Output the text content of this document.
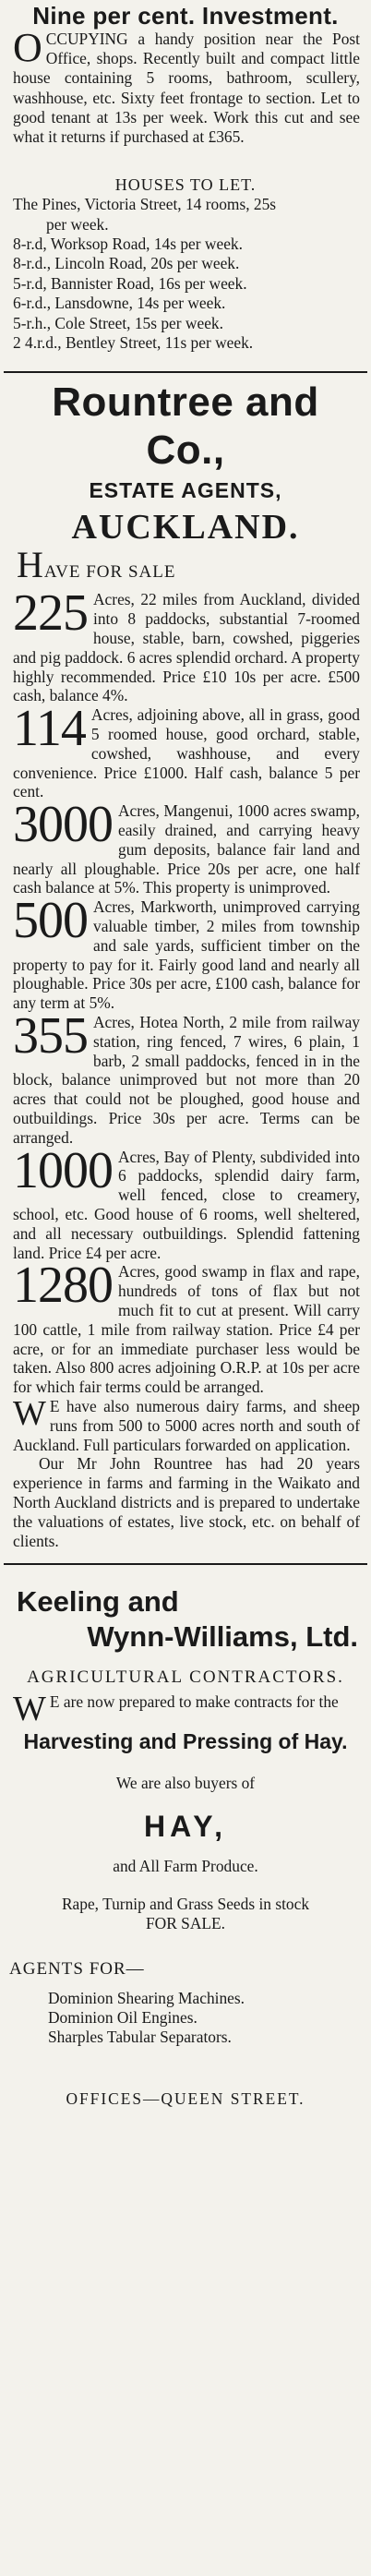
Nine per cent. Investment.
OCCUPYING a handy position near the Post Office, shops. Recently built and compact little house containing 5 rooms, bathroom, scullery, washhouse, etc. Sixty feet frontage to section. Let to good tenant at 13s per week. Work this cut and see what it returns if purchased at £365.
HOUSES TO LET.
The Pines, Victoria Street, 14 rooms, 25s
per week.
8-r.d, Worksop Road, 14s per week.
8-r.d., Lincoln Road, 20s per week.
5-r.d, Bannister Road, 16s per week.
6-r.d., Lansdowne, 14s per week.
5-r.h., Cole Street, 15s per week.
2 4.r.d., Bentley Street, 11s per week.
Rountree and
Co.,
ESTATE AGENTS,
AUCKLAND.
HAVE FOR SALE
225 Acres, 22 miles from Auckland, divided into 8 paddocks, substantial 7-roomed house, stable, barn, cowshed, piggeries and pig paddock. 6 acres splendid orchard. A property highly recommended. Price £10 10s per acre. £500 cash, balance 4%.
114 Acres, adjoining above, all in grass, good 5 roomed house, good orchard, stable, cowshed, washhouse, and every convenience. Price £1000. Half cash, balance 5 per cent.
3000 Acres, Mangenui, 1000 acres swamp, easily drained, and carrying heavy gum deposits, balance fair land and nearly all ploughable. Price 20s per acre, one half cash balance at 5%. This property is unimproved.
500 Acres, Markworth, unimproved carrying valuable timber, 2 miles from township and sale yards, sufficient timber on the property to pay for it. Fairly good land and nearly all ploughable. Price 30s per acre, £100 cash, balance for any term at 5%.
355 Acres, Hotea North, 2 mile from railway station, ring fenced, 7 wires, 6 plain, 1 barb, 2 small paddocks, fenced in in the block, balance unimproved but not more than 20 acres that could not be ploughed, good house and outbuildings. Price 30s per acre. Terms can be arranged.
1000 Acres, Bay of Plenty, subdivided into 6 paddocks, splendid dairy farm, well fenced, close to creamery, school, etc. Good house of 6 rooms, well sheltered, and all necessary outbuildings. Splendid fattening land. Price £4 per acre.
1280 Acres, good swamp in flax and rape, hundreds of tons of flax but not much fit to cut at present. Will carry 100 cattle, 1 mile from railway station. Price £4 per acre, or for an immediate purchaser less would be taken. Also 800 acres adjoining O.R.P. at 10s per acre for which fair terms could be arranged.
W E have also numerous dairy farms, and sheep runs from 500 to 5000 acres north and south of Auckland. Full particulars forwarded on application.
Our Mr John Rountree has had 20 years experience in farms and farming in the Waikato and North Auckland districts and is prepared to undertake the valuations of estates, live stock, etc. on behalf of clients.
Keeling and
Wynn-Williams, Ltd.
AGRICULTURAL CONTRACTORS.
W E are now prepared to make contracts for the
Harvesting and Pressing of Hay.
We are also buyers of
HAY,
and All Farm Produce.
Rape, Turnip and Grass Seeds in stock
FOR SALE.
AGENTS FOR—
Dominion Shearing Machines.
Dominion Oil Engines.
Sharples Tabular Separators.
OFFICES—QUEEN STREET.
